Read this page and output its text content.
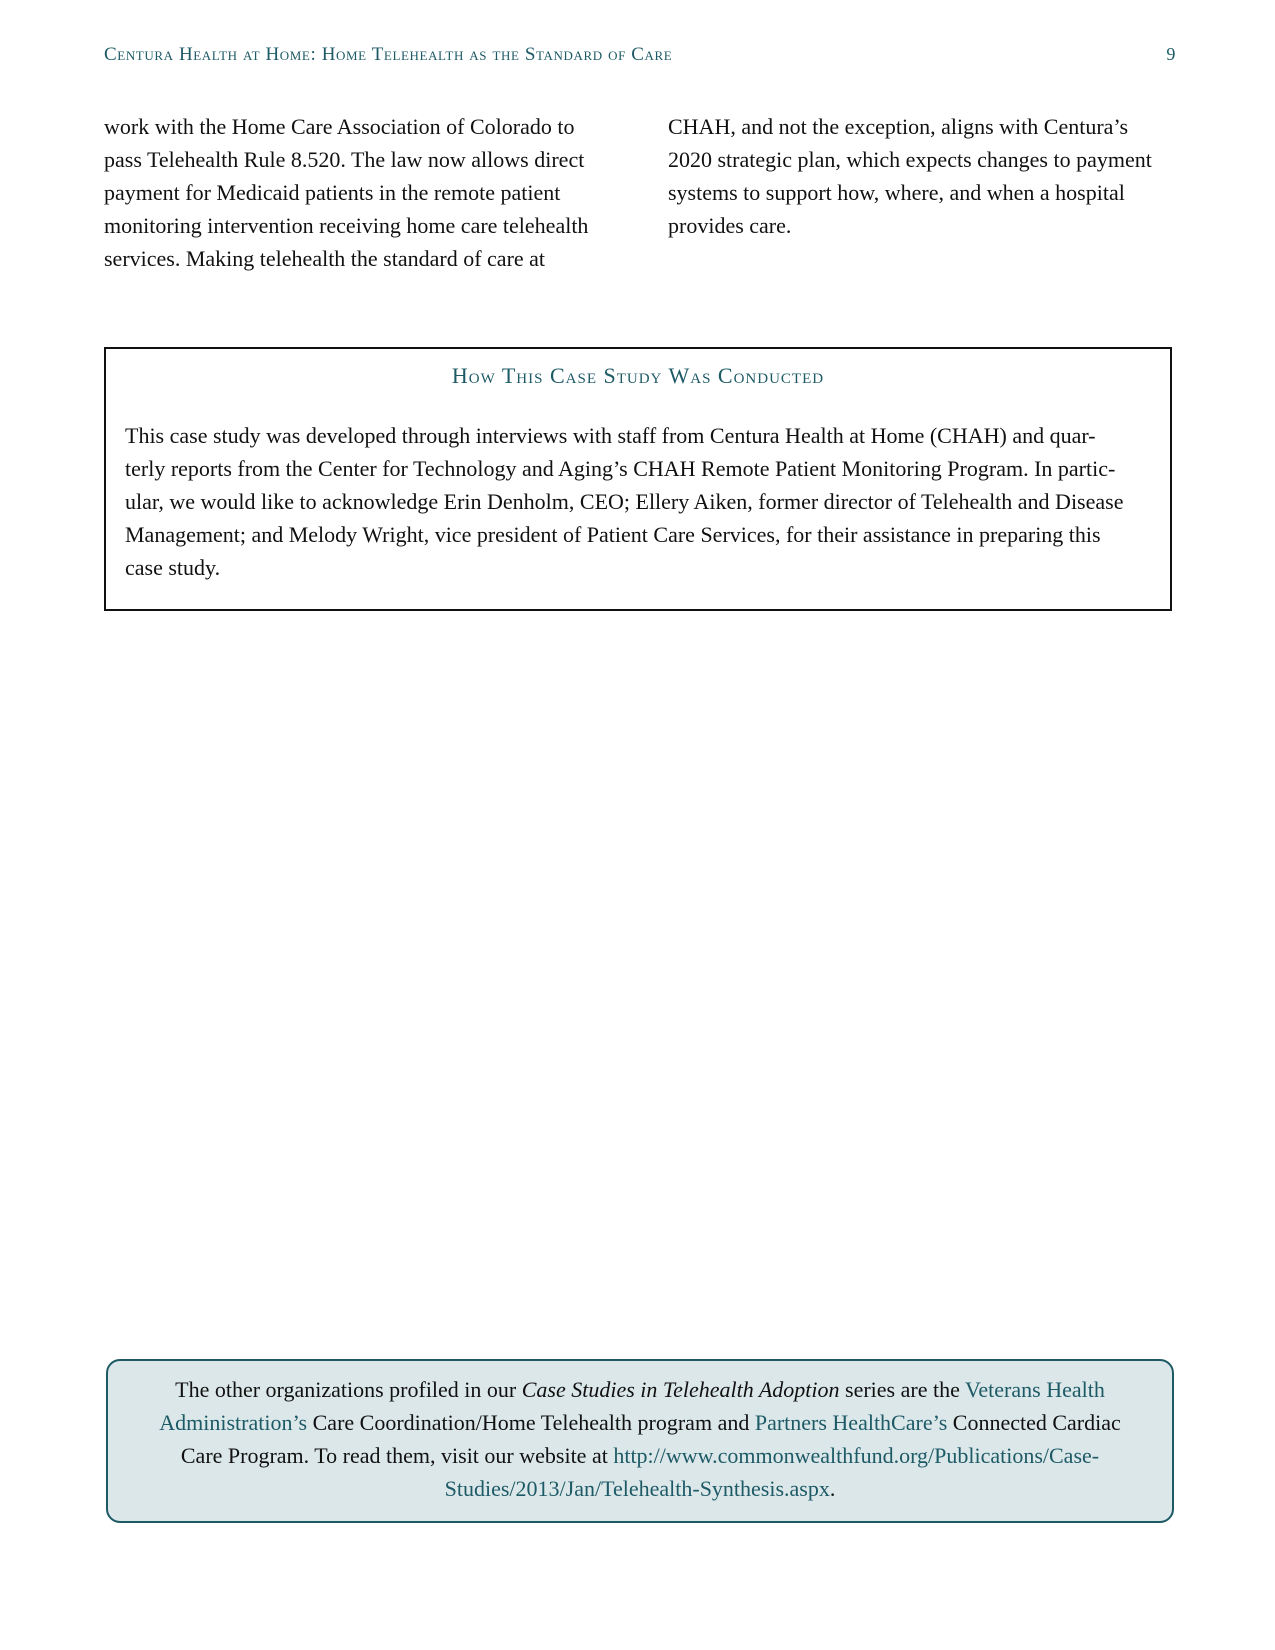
Centura Health at Home: Home Telehealth as the Standard of Care	9
work with the Home Care Association of Colorado to
pass Telehealth Rule 8.520. The law now allows direct
payment for Medicaid patients in the remote patient
monitoring intervention receiving home care telehealth
services. Making telehealth the standard of care at
CHAH, and not the exception, aligns with Centura’s
2020 strategic plan, which expects changes to payment
systems to support how, where, and when a hospital
provides care.
How This Case Study Was Conducted
This case study was developed through interviews with staff from Centura Health at Home (CHAH) and quar-
terly reports from the Center for Technology and Aging’s CHAH Remote Patient Monitoring Program. In partic-
ular, we would like to acknowledge Erin Denholm, CEO; Ellery Aiken, former director of Telehealth and Disease
Management; and Melody Wright, vice president of Patient Care Services, for their assistance in preparing this
case study.
The other organizations profiled in our Case Studies in Telehealth Adoption series are the Veterans Health
Administration’s Care Coordination/Home Telehealth program and Partners HealthCare’s Connected Cardiac
Care Program. To read them, visit our website at http://www.commonwealthfund.org/Publications/Case-
Studies/2013/Jan/Telehealth-Synthesis.aspx.
